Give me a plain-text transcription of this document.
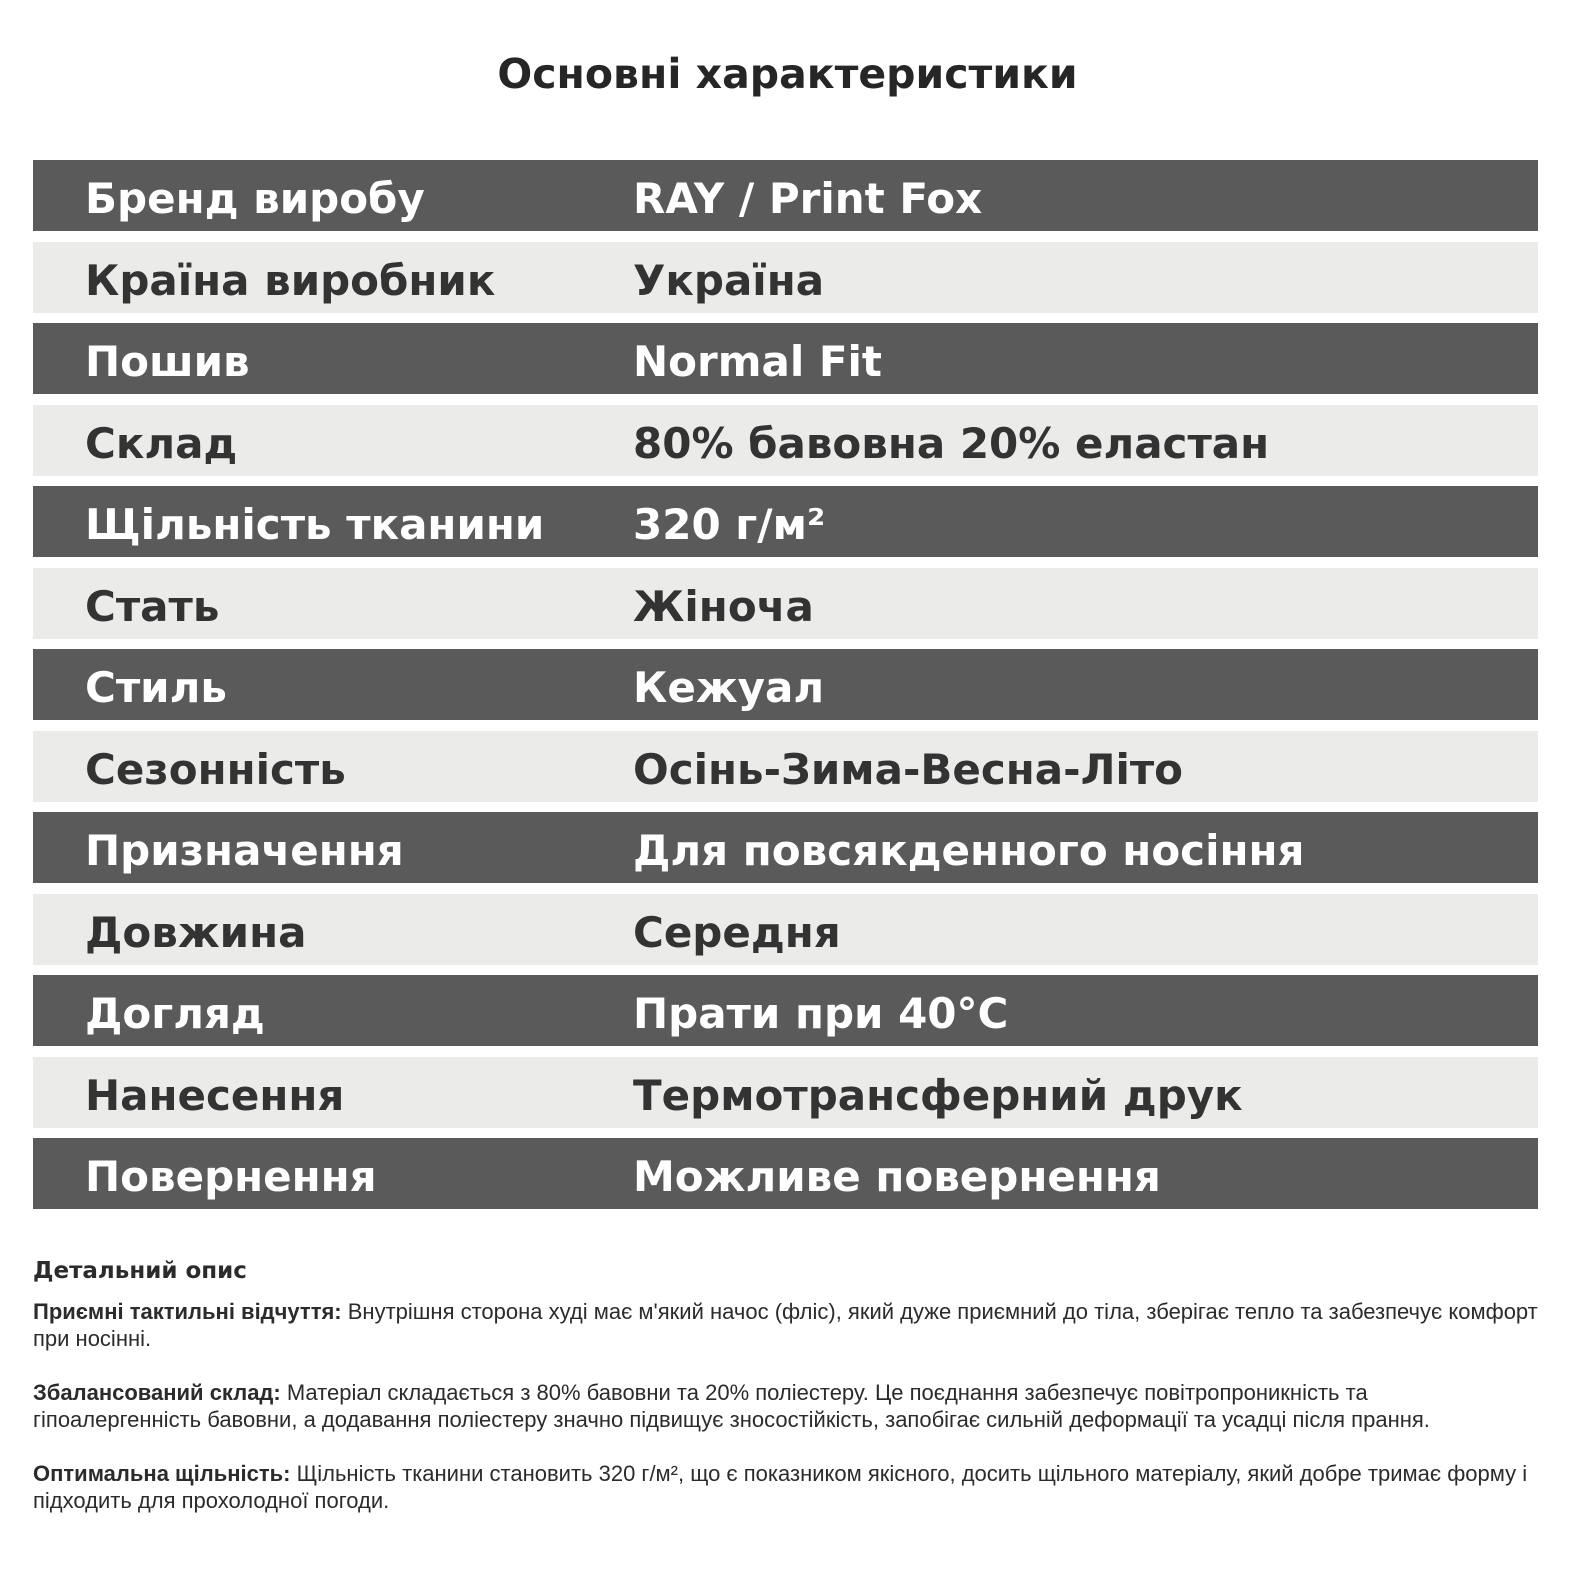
Основні характеристики
Бренд виробу	RAY / Print Fox
Країна виробник	Україна
Пошив	Normal Fit
Склад	80% бавовна 20% еластан
Щільність тканини	320 г/м²
Стать	Жіноча
Стиль	Кежуал
Сезонність	Осінь-Зима-Весна-Літо
Призначення	Для повсякденного носіння
Довжина	Середня
Догляд	Прати при 40°C
Нанесення	Термотрансферний друк
Повернення	Можливе повернення
Детальний опис

Приємні тактильні відчуття: Внутрішня сторона худі має м'який начос (фліс), який дуже приємний до тіла, зберігає тепло та забезпечує комфорт при носінні.

Збалансований склад: Матеріал складається з 80% бавовни та 20% поліестеру. Це поєднання забезпечує повітропроникність та гіпоалергенність бавовни, а додавання поліестеру значно підвищує зносостійкість, запобігає сильній деформації та усадці після прання.

Оптимальна щільність: Щільність тканини становить 320 г/м², що є показником якісного, досить щільного матеріалу, який добре тримає форму і підходить для прохолодної погоди.
